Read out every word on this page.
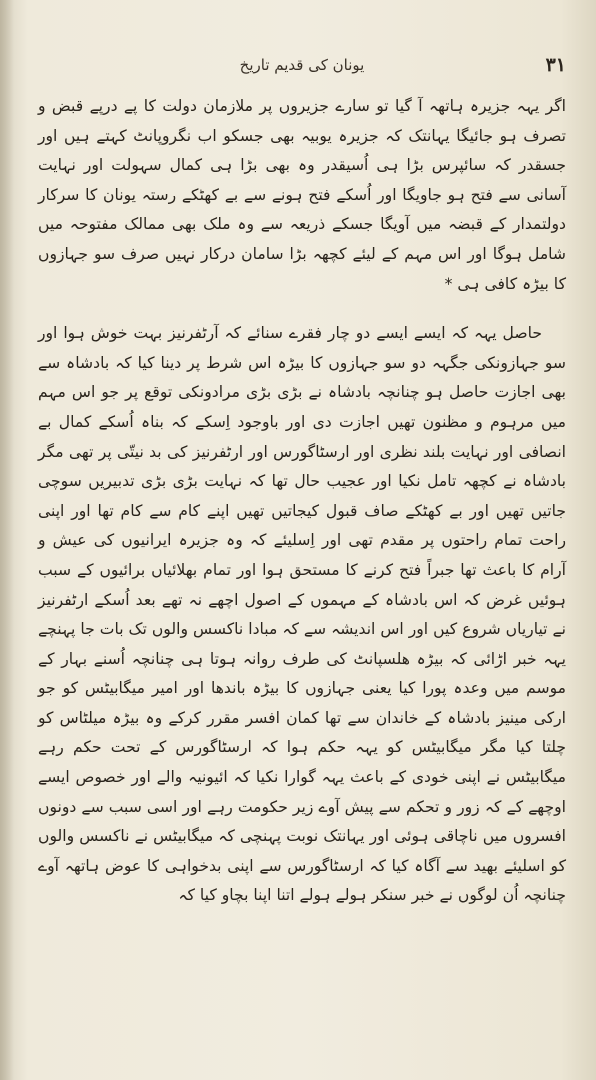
۳۱
یونان کی قدیم تاریخ

اگر یہہ جزیرہ ہاتھہ آ گیا تو سارے جزیروں پر ملازمان دولت کا پے درپے قبض و تصرف ہو جائیگا یہانتک کہ جزیرہ یوبیہ بھی جسکو اب نگروپانٹ کہتے ہیں اور جسقدر کہ سائپرس بڑا ہی اُسیقدر وہ بھی بڑا ہی کمال سہولت اور نہایت آسانی سے فتح ہو جاویگا اور اُسکے فتح ہونے سے بے کھٹکے رستہ یونان کا سرکار دولتمدار کے قبضہ میں آویگا جسکے ذریعہ سے وہ ملک بھی ممالک مفتوحہ میں شامل ہوگا اور اس مہم کے لیئے کچھہ بڑا سامان درکار نہیں صرف سو جہازوں کا بیڑہ کافی ہی *

حاصل یہہ کہ ایسے ایسے دو چار فقرے سنائے کہ آرٹفرنیز بہت خوش ہوا اور سو جہازونکی جگہہ دو سو جہازوں کا بیڑہ اس شرط پر دینا کیا کہ بادشاہ سے بھی اجازت حاصل ہو چنانچہ بادشاہ نے بڑی بڑی مرادونکی توقع پر جو اس مہم میں مرہوم و مظنون تھیں اجازت دی اور باوجود اِسکے کہ بناہ اُسکے کمال بے انصافی اور نہایت بلند نظری اور ارسٹاگورس اور ارٹفرنیز کی بد نیتّی پر تھی مگر بادشاہ نے کچھہ تامل نکیا اور عجیب حال تھا کہ نہایت بڑی بڑی تدبیریں سوچی جاتیں تھیں اور بے کھٹکے صاف قبول کیجاتیں تھیں اپنے کام سے کام تھا اور اپنی راحت تمام راحتوں پر مقدم تھی اور اِسلیئے کہ وہ جزیرہ ایرانیوں کی عیش و آرام کا باعث تھا جبراً فتح کرنے کا مستحق ہوا اور تمام بھلائیاں برائیوں کے سبب ہوئیں غرض کہ اس بادشاہ کے مہموں کے اصول اچھے نہ تھے بعد اُسکے ارٹفرنیز نے تیاریاں شروع کیں اور اس اندیشہ سے کہ مبادا ناکسس والوں تک بات جا پہنچے یہہ خبر اڑائی کہ بیڑہ ھلسپانٹ کی طرف روانہ ہوتا ہی چنانچہ اُسنے بہار کے موسم میں وعدہ پورا کیا یعنی جہازوں کا بیڑہ باندھا اور امیر میگابیٹس کو جو ارکی مینیز بادشاہ کے خاندان سے تھا کمان افسر مقرر کرکے وہ بیڑہ میلٹاس کو چلتا کیا مگر میگابیٹس کو یہہ حکم ہوا کہ ارسٹاگورس کے تحت حکم رہے میگابیٹس نے اپنی خودی کے باعث یہہ گوارا نکیا کہ ائیونیہ والے اور خصوص ایسے اوچھے کے کہ زور و تحکم سے پیش آوے زیر حکومت رہے اور اسی سبب سے دونوں افسروں میں ناچاقی ہوئی اور یہانتک نوبت پہنچی کہ میگابیٹس نے ناکسس والوں کو اسلیئے بھید سے آگاہ کیا کہ ارسٹاگورس سے اپنی بدخواہی کا عوض ہاتھہ آوے چنانچہ اُن لوگوں نے خبر سنکر ہولے ہولے اتنا اپنا بچاو کیا کہ
